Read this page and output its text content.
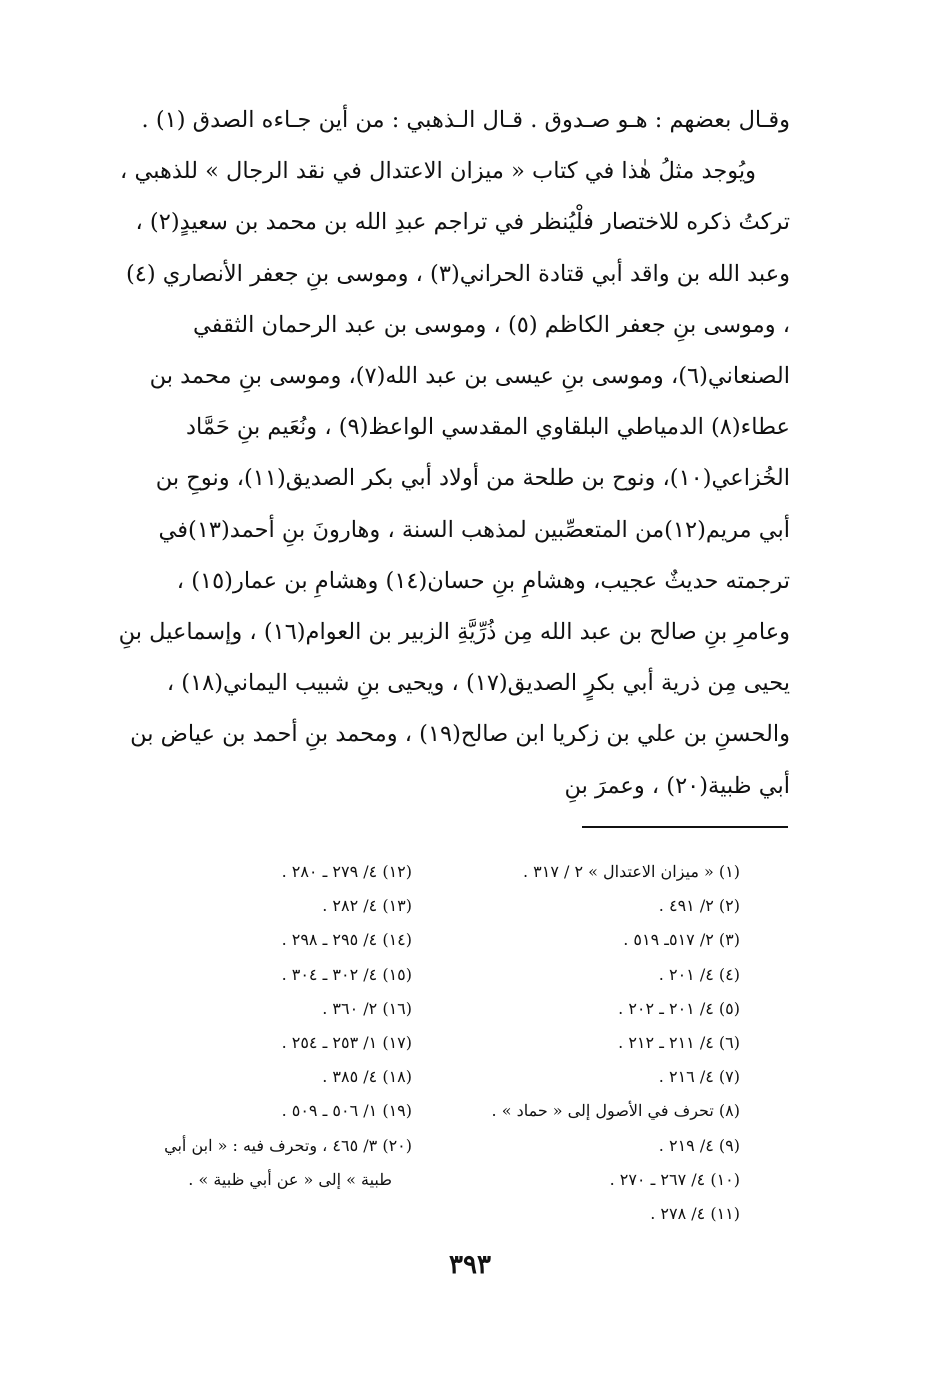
وقـال بعضهم : هـو صـدوق . قـال الـذهبي : من أين جـاءه الصدق (١) .

ويُوجد مثلُ هٰذا في كتاب « ميزان الاعتدال في نقد الرجال » للذهبي ، تركتُ ذكره للاختصار فلْيُنظر في تراجم عبدِ الله بن محمد بن سعيدٍ(٢) ، وعبد الله بن واقد أبي قتادة الحراني(٣) ، وموسى بنِ جعفر الأنصاري (٤) ، وموسى بنِ جعفر الكاظم (٥) ، وموسى بن عبد الرحمان الثقفي الصنعاني(٦)، وموسى بنِ عيسى بن عبد الله(٧)، وموسى بنِ محمد بن عطاء(٨) الدمياطي البلقاوي المقدسي الواعظ(٩) ، ونُعَيم بنِ حَمَّاد الخُزاعي(١٠)، ونوح بن طلحة من أولاد أبي بكر الصديق(١١)، ونوحِ بن أبي مريم(١٢)من المتعصِّبين لمذهب السنة ، وهارونَ بنِ أحمد(١٣)في ترجمته حديثٌ عجيب، وهشامِ بنِ حسان(١٤) وهشامِ بن عمار(١٥) ، وعامرِ بنِ صالح بن عبد الله مِن ذُرِّيَّةِ الزبير بن العوام(١٦) ، وإسماعيل بنِ يحيى مِن ذرية أبي بكرٍ الصديق(١٧) ، ويحيى بنِ شبيب اليماني(١٨) ، والحسنِ بن علي بن زكريا ابن صالح(١٩) ، ومحمد بنِ أحمد بن عياض بن أبي ظبية(٢٠) ، وعمرَ بنِ

(١) « ميزان الاعتدال » ٢ / ٣١٧ .
(٢) ٢/ ٤٩١ .
(٣) ٢/ ٥١٧ـ ٥١٩ .
(٤) ٤/ ٢٠١ .
(٥) ٤/ ٢٠١ ـ ٢٠٢ .
(٦) ٤/ ٢١١ ـ ٢١٢ .
(٧) ٤/ ٢١٦ .
(٨) تحرف في الأصول إلى « حماد » .
(٩) ٤/ ٢١٩ .
(١٠) ٤/ ٢٦٧ ـ ٢٧٠ .
(١١) ٤/ ٢٧٨ .
(١٢) ٤/ ٢٧٩ ـ ٢٨٠ .
(١٣) ٤/ ٢٨٢ .
(١٤) ٤/ ٢٩٥ ـ ٢٩٨ .
(١٥) ٤/ ٣٠٢ ـ ٣٠٤ .
(١٦) ٢/ ٣٦٠ .
(١٧) ١/ ٢٥٣ ـ ٢٥٤ .
(١٨) ٤/ ٣٨٥ .
(١٩) ١/ ٥٠٦ ـ ٥٠٩ .
(٢٠) ٣/ ٤٦٥ ، وتحرف فيه : « ابن أبي
طبية » إلى « عن أبي ظبية » .
٣٩٣
